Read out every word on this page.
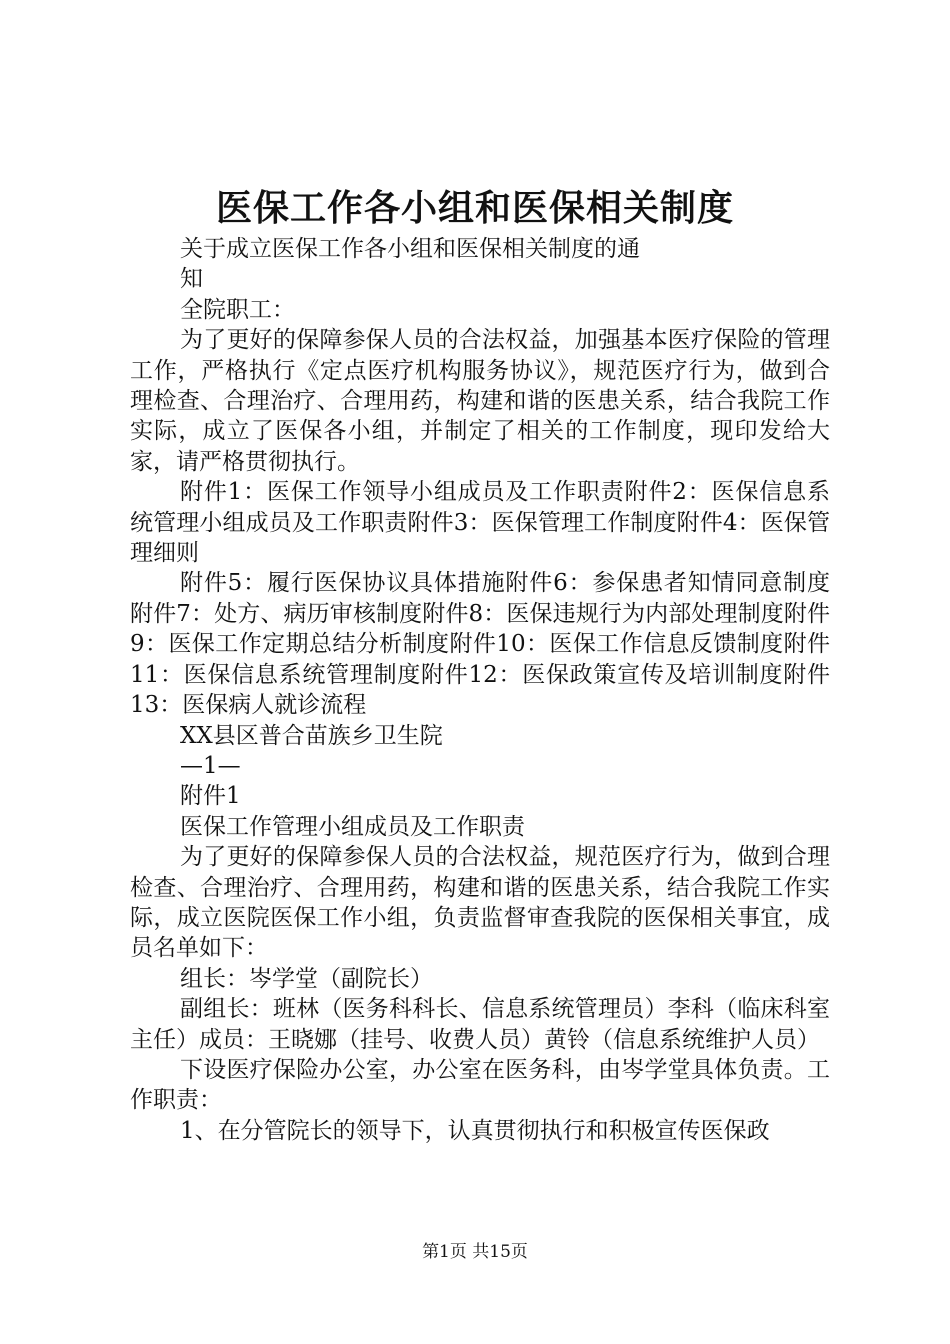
医保工作各小组和医保相关制度

关于成立医保工作各小组和医保相关制度的通

知

全院职工：

为了更好的保障参保人员的合法权益，加强基本医疗保险的管理工作，严格执行《定点医疗机构服务协议》，规范医疗行为，做到合理检查、合理治疗、合理用药，构建和谐的医患关系，结合我院工作实际，成立了医保各小组，并制定了相关的工作制度，现印发给大家，请严格贯彻执行。

附件1：医保工作领导小组成员及工作职责附件2：医保信息系统管理小组成员及工作职责附件3：医保管理工作制度附件4：医保管理细则

附件5：履行医保协议具体措施附件6：参保患者知情同意制度附件7：处方、病历审核制度附件8：医保违规行为内部处理制度附件9：医保工作定期总结分析制度附件10：医保工作信息反馈制度附件11：医保信息系统管理制度附件12：医保政策宣传及培训制度附件13：医保病人就诊流程

XX县区普合苗族乡卫生院

—1—

附件1

医保工作管理小组成员及工作职责

为了更好的保障参保人员的合法权益，规范医疗行为，做到合理检查、合理治疗、合理用药，构建和谐的医患关系，结合我院工作实际，成立医院医保工作小组，负责监督审查我院的医保相关事宜，成员名单如下：

组长：岑学堂（副院长）

副组长：班林（医务科科长、信息系统管理员）李科（临床科室主任）成员：王晓娜（挂号、收费人员）黄铃（信息系统维护人员）

下设医疗保险办公室，办公室在医务科，由岑学堂具体负责。工作职责：

1、在分管院长的领导下，认真贯彻执行和积极宣传医保政

第1页 共15页
